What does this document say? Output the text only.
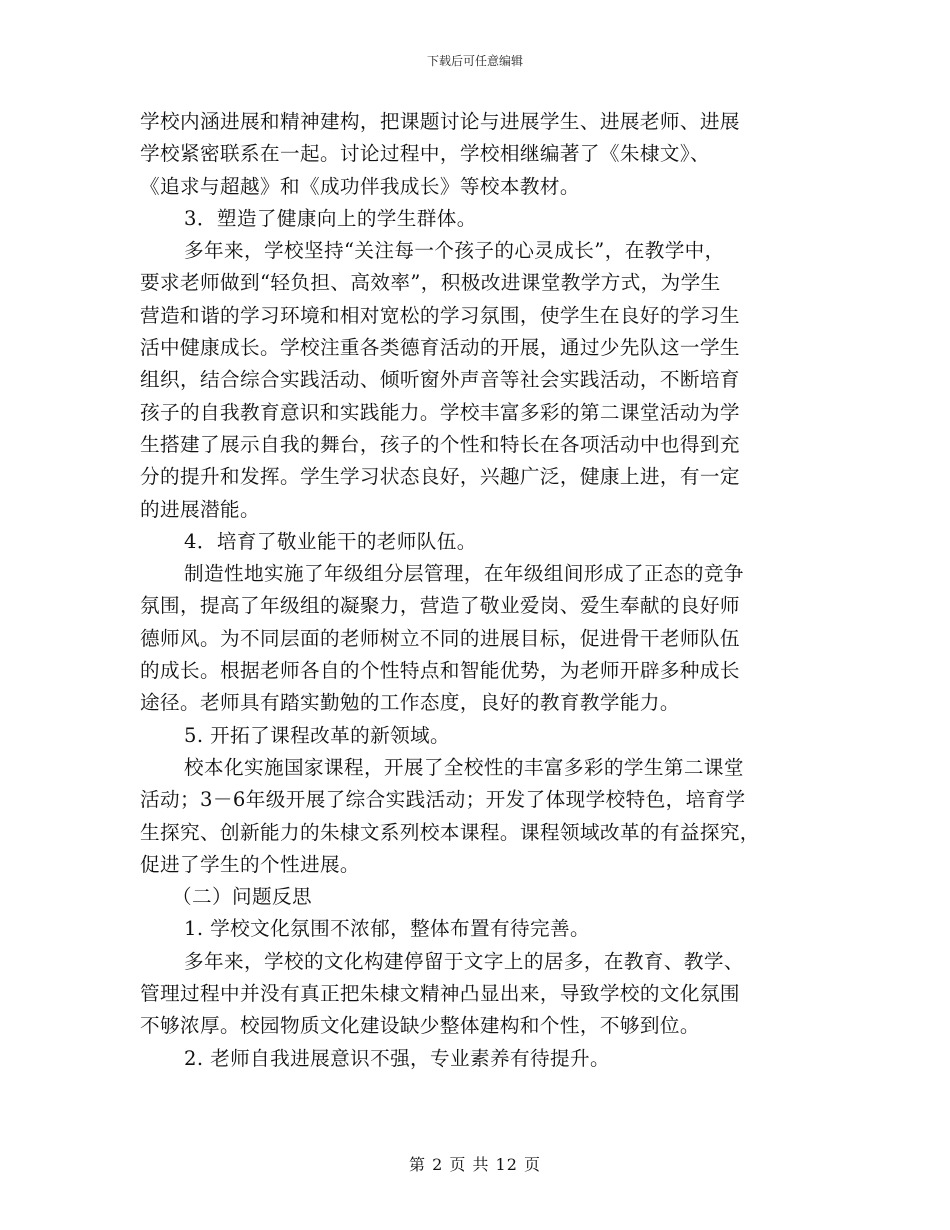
下载后可任意编辑
学校内涵进展和精神建构，把课题讨论与进展学生、进展老师、进展
学校紧密联系在一起。讨论过程中，学校相继编著了《朱棣文》、
《追求与超越》和《成功伴我成长》等校本教材。
3．塑造了健康向上的学生群体。
多年来，学校坚持“关注每一个孩子的心灵成长”，在教学中，
要求老师做到“轻负担、高效率”，积极改进课堂教学方式，为学生
营造和谐的学习环境和相对宽松的学习氛围，使学生在良好的学习生
活中健康成长。学校注重各类德育活动的开展，通过少先队这一学生
组织，结合综合实践活动、倾听窗外声音等社会实践活动，不断培育
孩子的自我教育意识和实践能力。学校丰富多彩的第二课堂活动为学
生搭建了展示自我的舞台，孩子的个性和特长在各项活动中也得到充
分的提升和发挥。学生学习状态良好，兴趣广泛，健康上进，有一定
的进展潜能。
4．培育了敬业能干的老师队伍。
制造性地实施了年级组分层管理，在年级组间形成了正态的竞争
氛围，提高了年级组的凝聚力，营造了敬业爱岗、爱生奉献的良好师
德师风。为不同层面的老师树立不同的进展目标，促进骨干老师队伍
的成长。根据老师各自的个性特点和智能优势，为老师开辟多种成长
途径。老师具有踏实勤勉的工作态度，良好的教育教学能力。
5. 开拓了课程改革的新领域。
校本化实施国家课程，开展了全校性的丰富多彩的学生第二课堂
活动；3－6年级开展了综合实践活动；开发了体现学校特色，培育学
生探究、创新能力的朱棣文系列校本课程。课程领域改革的有益探究，
促进了学生的个性进展。
（二）问题反思
1. 学校文化氛围不浓郁，整体布置有待完善。
多年来，学校的文化构建停留于文字上的居多，在教育、教学、
管理过程中并没有真正把朱棣文精神凸显出来，导致学校的文化氛围
不够浓厚。校园物质文化建设缺少整体建构和个性，不够到位。
2. 老师自我进展意识不强，专业素养有待提升。
第 2 页 共 12 页
